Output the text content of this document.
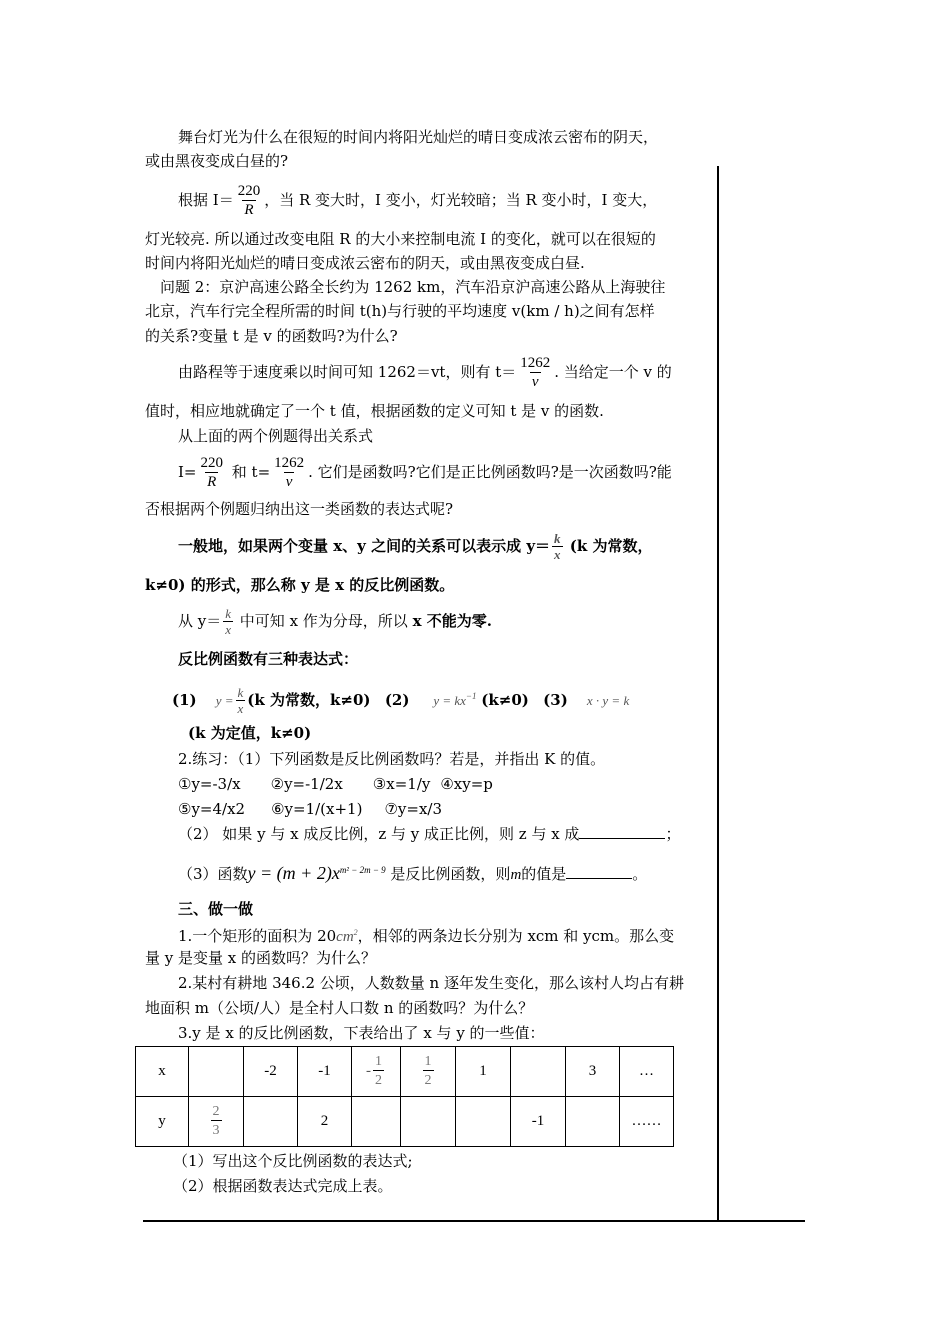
舞台灯光为什么在很短的时间内将阳光灿烂的晴日变成浓云密布的阴天，
或由黑夜变成白昼的?
根据 $I= \frac{220}{R}$ ，当 R 变大时，I 变小，灯光较暗；当 R 变小时，I 变大，
灯光较亮. 所以通过改变电阻 R 的大小来控制电流 I 的变化，就可以在很短的
时间内将阳光灿烂的晴日变成浓云密布的阴天，或由黑夜变成白昼.
问题 2：京沪高速公路全长约为 1262 km，汽车沿京沪高速公路从上海驶往
北京，汽车行完全程所需的时间 t(h)与行驶的平均速度 v(km / h)之间有怎样
的关系?变量 t 是 v 的函数吗?为什么?
由路程等于速度乘以时间可知 1262＝vt，则有 $t= \frac{1262}{v}$ . 当给定一个 v 的
值时，相应地就确定了一个 t 值，根据函数的定义可知 t 是 v 的函数.
从上面的两个例题得出关系式
$I= \frac{220}{R}$ 和 $t= \frac{1262}{v}$ . 它们是函数吗?它们是正比例函数吗?是一次函数吗?能
否根据两个例题归纳出这一类函数的表达式呢?
一般地，如果两个变量 x、y 之间的关系可以表示成 $y= \frac{k}{x} (k$ 为常数，
k≠0) 的形式，那么称 y 是 x 的反比例函数。
从 $y= \frac{k}{x}$ 中可知 x 作为分母，所以 x 不能为零.
反比例函数有三种表达式：
(1) $y = \frac{k}{x} (k$ 为常数，k≠0) (2) $y = kx^{-1}$ (k≠0) (3) x · y = k
(k 为定值，k≠0)
2.练习：（1）下列函数是反比例函数吗？若是，并指出 K 的值。
①y=-3/x ②y=-1/2x ③x=1/y ④xy=p
⑤y=4/x2 ⑥y=1/(x+1) ⑦y=x/3
（2） 如果 y 与 x 成反比例，z 与 y 成正比例，则 z 与 x 成	；
（3）函数$y = (m + 2)x^{m^2 - 2m - 9}$ 是反比例函数，则m的值是	。
三、做一做
1.一个矩形的面积为 $20cm^2$，相邻的两条边长分别为 xcm 和 ycm。那么变
量 y 是变量 x 的函数吗？为什么？
2.某村有耕地 346.2 公顷，人数数量 n 逐年发生变化，那么该村人均占有耕
地面积 m（公顷/人）是全村人口数 n 的函数吗？为什么？
3.y 是 x 的反比例函数，下表给出了 x 与 y 的一些值：
x		-2	-1	- $\frac{1}{2}$	$\frac{1}{2}$	1		3	…
y	$\frac{2}{3}$		2				-1		……
（1）写出这个反比例函数的表达式;
（2）根据函数表达式完成上表。
